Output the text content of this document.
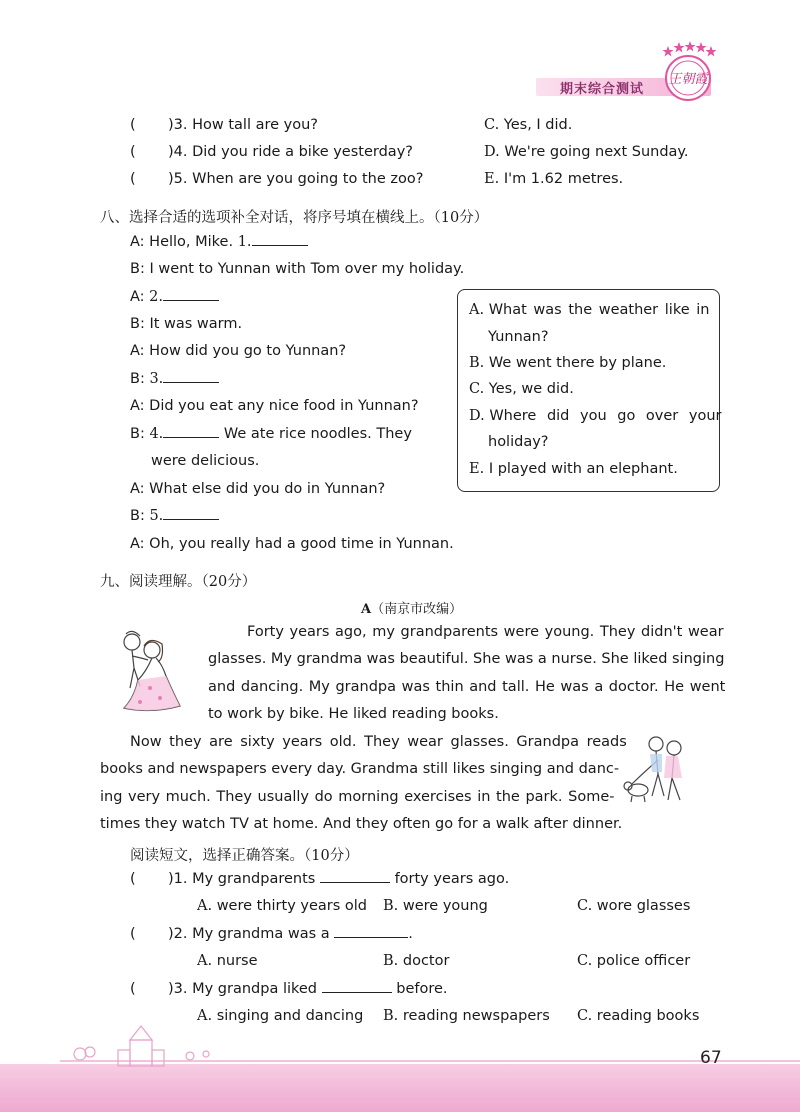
期末综合测试
王朝霞
( )3. How tall are you?	C. Yes, I did.
( )4. Did you ride a bike yesterday?	D. We're going next Sunday.
( )5. When are you going to the zoo?	E. I'm 1.62 metres.
八、选择合适的选项补全对话，将序号填在横线上。（10分）
A: Hello, Mike. 1.
B: I went to Yunnan with Tom over my holiday.
A: 2.
B: It was warm.
A: How did you go to Yunnan?
B: 3.
A: Did you eat any nice food in Yunnan?
B: 4.	We ate rice noodles. They
were delicious.
A: What else did you do in Yunnan?
B: 5.
A: Oh, you really had a good time in Yunnan.
A. What was the weather like in
Yunnan?
B. We went there by plane.
C. Yes, we did.
D. Where did you go over your
holiday?
E. I played with an elephant.
九、阅读理解。（20分）
A（南京市改编）
Forty years ago, my grandparents were young. They didn't wear
glasses. My grandma was beautiful. She was a nurse. She liked singing
and dancing. My grandpa was thin and tall. He was a doctor. He went
to work by bike. He liked reading books.
Now they are sixty years old. They wear glasses. Grandpa reads
books and newspapers every day. Grandma still likes singing and danc-
ing very much. They usually do morning exercises in the park. Some-
times they watch TV at home. And they often go for a walk after dinner.
阅读短文，选择正确答案。（10分）
( )1. My grandparents	forty years ago.
A. were thirty years old B. were young	C. wore glasses
( )2. My grandma was a	.
A. nurse	B. doctor	C. police officer
( )3. My grandpa liked	before.
A. singing and dancing B. reading newspapers C. reading books
67
